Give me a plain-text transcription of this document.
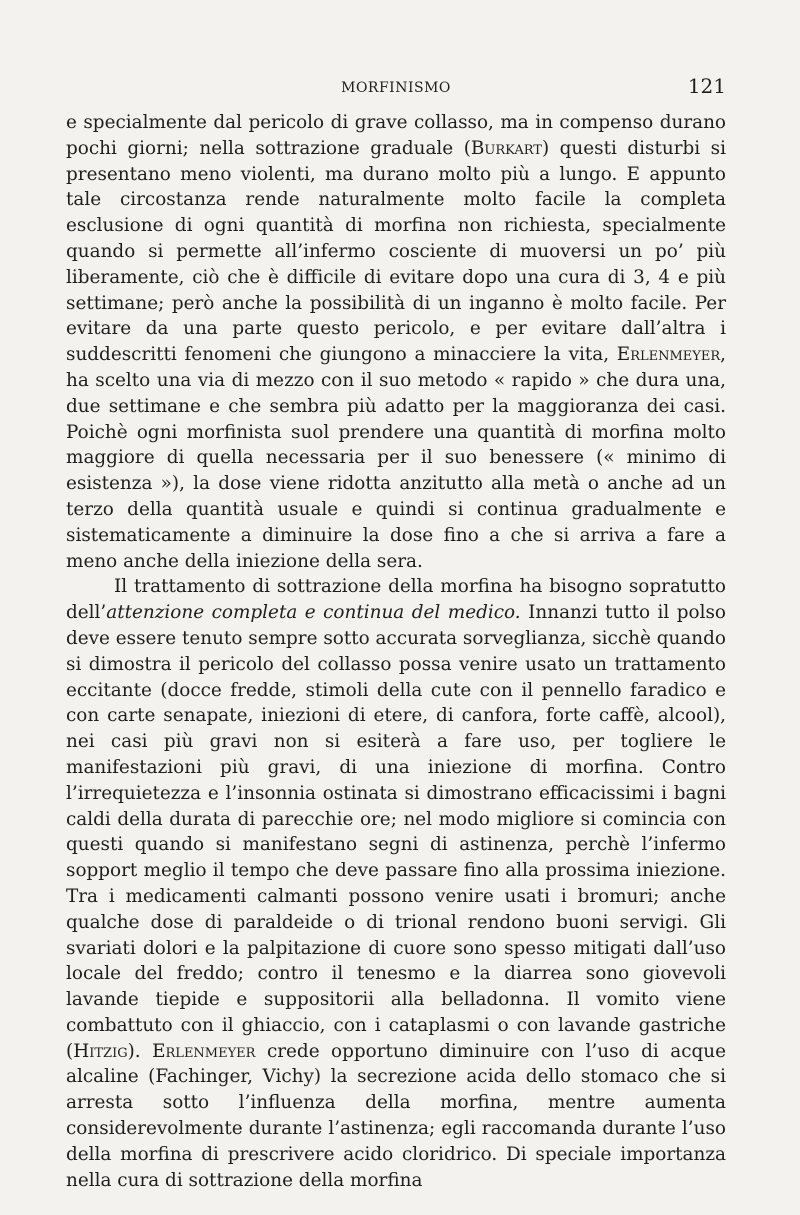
MORFINISMO	121

e specialmente dal pericolo di grave collasso, ma in compenso durano pochi giorni; nella sottrazione graduale (Burkart) questi disturbi si presentano meno violenti, ma durano molto più a lungo. E appunto tale circostanza rende naturalmente molto facile la completa esclusione di ogni quantità di morfina non richiesta, specialmente quando si permette all’infermo cosciente di muoversi un po’ più liberamente, ciò che è difficile di evitare dopo una cura di 3, 4 e più settimane; però anche la possibilità di un inganno è molto facile. Per evitare da una parte questo pericolo, e per evitare dall’altra i suddescritti fenomeni che giungono a minacciere la vita, Erlenmeyer, ha scelto una via di mezzo con il suo metodo « rapido » che dura una, due settimane e che sembra più adatto per la maggioranza dei casi. Poichè ogni morfinista suol prendere una quantità di morfina molto maggiore di quella necessaria per il suo benessere (« minimo di esistenza »), la dose viene ridotta anzitutto alla metà o anche ad un terzo della quantità usuale e quindi si continua gradualmente e sistematicamente a diminuire la dose fino a che si arriva a fare a meno anche della iniezione della sera.

Il trattamento di sottrazione della morfina ha bisogno sopratutto dell’attenzione completa e continua del medico. Innanzi tutto il polso deve essere tenuto sempre sotto accurata sorveglianza, sicchè quando si dimostra il pericolo del collasso possa venire usato un trattamento eccitante (docce fredde, stimoli della cute con il pennello faradico e con carte senapate, iniezioni di etere, di canfora, forte caffè, alcool), nei casi più gravi non si esiterà a fare uso, per togliere le manifestazioni più gravi, di una iniezione di morfina. Contro l’irrequietezza e l’insonnia ostinata si dimostrano efficacissimi i bagni caldi della durata di parecchie ore; nel modo migliore si comincia con questi quando si manifestano segni di astinenza, perchè l’infermo sopport meglio il tempo che deve passare fino alla prossima iniezione. Tra i medicamenti calmanti possono venire usati i bromuri; anche qualche dose di paraldeide o di trional rendono buoni servigi. Gli svariati dolori e la palpitazione di cuore sono spesso mitigati dall’uso locale del freddo; contro il tenesmo e la diarrea sono giovevoli lavande tiepide e suppositorii alla belladonna. Il vomito viene combattuto con il ghiaccio, con i cataplasmi o con lavande gastriche (Hitzig). Erlenmeyer crede opportuno diminuire con l’uso di acque alcaline (Fachinger, Vichy) la secrezione acida dello stomaco che si arresta sotto l’influenza della morfina, mentre aumenta considerevolmente durante l’astinenza; egli raccomanda durante l’uso della morfina di prescrivere acido cloridrico. Di speciale importanza nella cura di sottrazione della morfina
